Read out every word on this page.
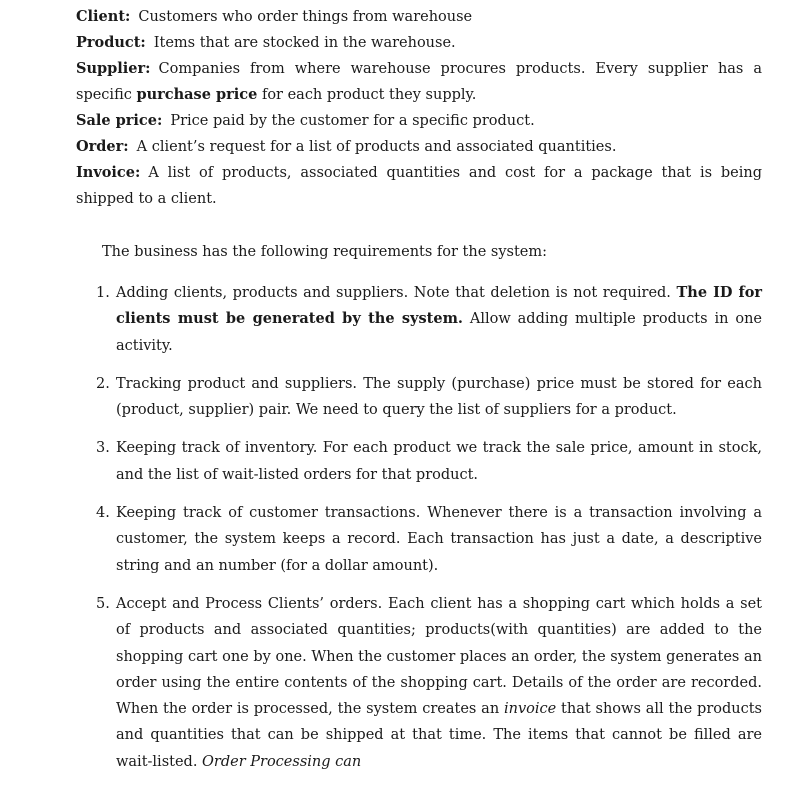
Client: Customers who order things from warehouse

Product: Items that are stocked in the warehouse.

Supplier: Companies from where warehouse procures products. Every supplier has a specific purchase price for each product they supply.

Sale price: Price paid by the customer for a specific product.

Order: A client’s request for a list of products and associated quantities.

Invoice: A list of products, associated quantities and cost for a package that is being shipped to a client.

The business has the following requirements for the system:

1. Adding clients, products and suppliers. Note that deletion is not required. The ID for clients must be generated by the system. Allow adding multiple products in one activity.
2. Tracking product and suppliers. The supply (purchase) price must be stored for each (product, supplier) pair. We need to query the list of suppliers for a product.
3. Keeping track of inventory. For each product we track the sale price, amount in stock, and the list of wait-listed orders for that product.
4. Keeping track of customer transactions. Whenever there is a transaction involving a customer, the system keeps a record. Each transaction has just a date, a descriptive string and an number (for a dollar amount).
5. Accept and Process Clients’ orders. Each client has a shopping cart which holds a set of products and associated quantities; products(with quantities) are added to the shopping cart one by one. When the customer places an order, the system generates an order using the entire contents of the shopping cart. Details of the order are recorded. When the order is processed, the system creates an invoice that shows all the products and quantities that can be shipped at that time. The items that cannot be filled are wait-listed. Order Processing can
